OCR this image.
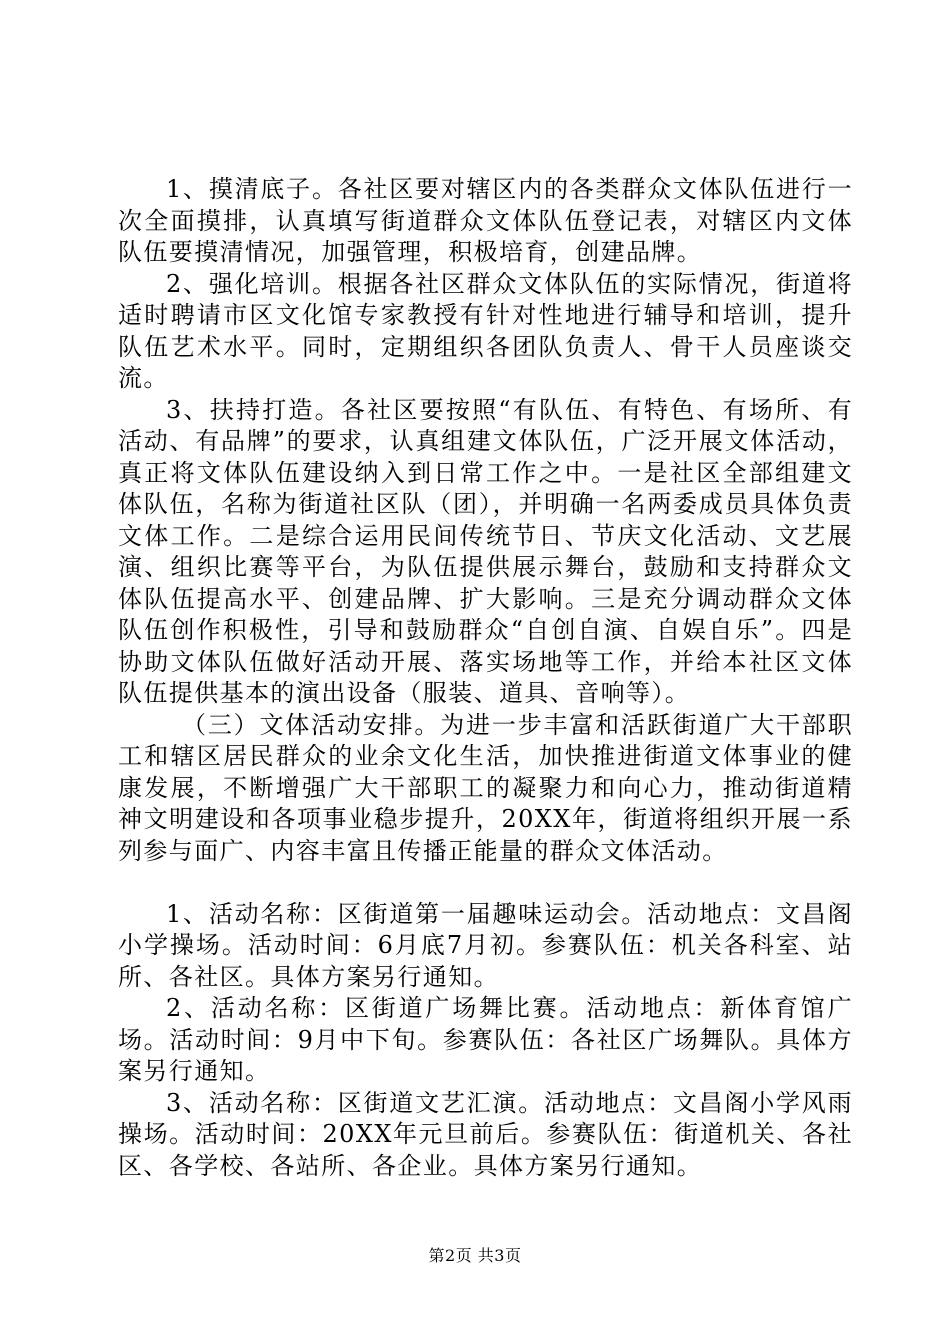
1、摸清底子。各社区要对辖区内的各类群众文体队伍进行一次全面摸排，认真填写街道群众文体队伍登记表，对辖区内文体队伍要摸清情况，加强管理，积极培育，创建品牌。

2、强化培训。根据各社区群众文体队伍的实际情况，街道将适时聘请市区文化馆专家教授有针对性地进行辅导和培训，提升队伍艺术水平。同时，定期组织各团队负责人、骨干人员座谈交流。

3、扶持打造。各社区要按照“有队伍、有特色、有场所、有活动、有品牌”的要求，认真组建文体队伍，广泛开展文体活动，真正将文体队伍建设纳入到日常工作之中。一是社区全部组建文体队伍，名称为街道社区队（团），并明确一名两委成员具体负责文体工作。二是综合运用民间传统节日、节庆文化活动、文艺展演、组织比赛等平台，为队伍提供展示舞台，鼓励和支持群众文体队伍提高水平、创建品牌、扩大影响。三是充分调动群众文体队伍创作积极性，引导和鼓励群众“自创自演、自娱自乐”。四是协助文体队伍做好活动开展、落实场地等工作，并给本社区文体队伍提供基本的演出设备（服装、道具、音响等）。

（三）文体活动安排。为进一步丰富和活跃街道广大干部职工和辖区居民群众的业余文化生活，加快推进街道文体事业的健康发展，不断增强广大干部职工的凝聚力和向心力，推动街道精神文明建设和各项事业稳步提升，20XX年，街道将组织开展一系列参与面广、内容丰富且传播正能量的群众文体活动。

1、活动名称：区街道第一届趣味运动会。活动地点：文昌阁小学操场。活动时间：6月底7月初。参赛队伍：机关各科室、站所、各社区。具体方案另行通知。

2、活动名称：区街道广场舞比赛。活动地点：新体育馆广场。活动时间：9月中下旬。参赛队伍：各社区广场舞队。具体方案另行通知。

3、活动名称：区街道文艺汇演。活动地点：文昌阁小学风雨操场。活动时间：20XX年元旦前后。参赛队伍：街道机关、各社区、各学校、各站所、各企业。具体方案另行通知。

第2页 共3页
